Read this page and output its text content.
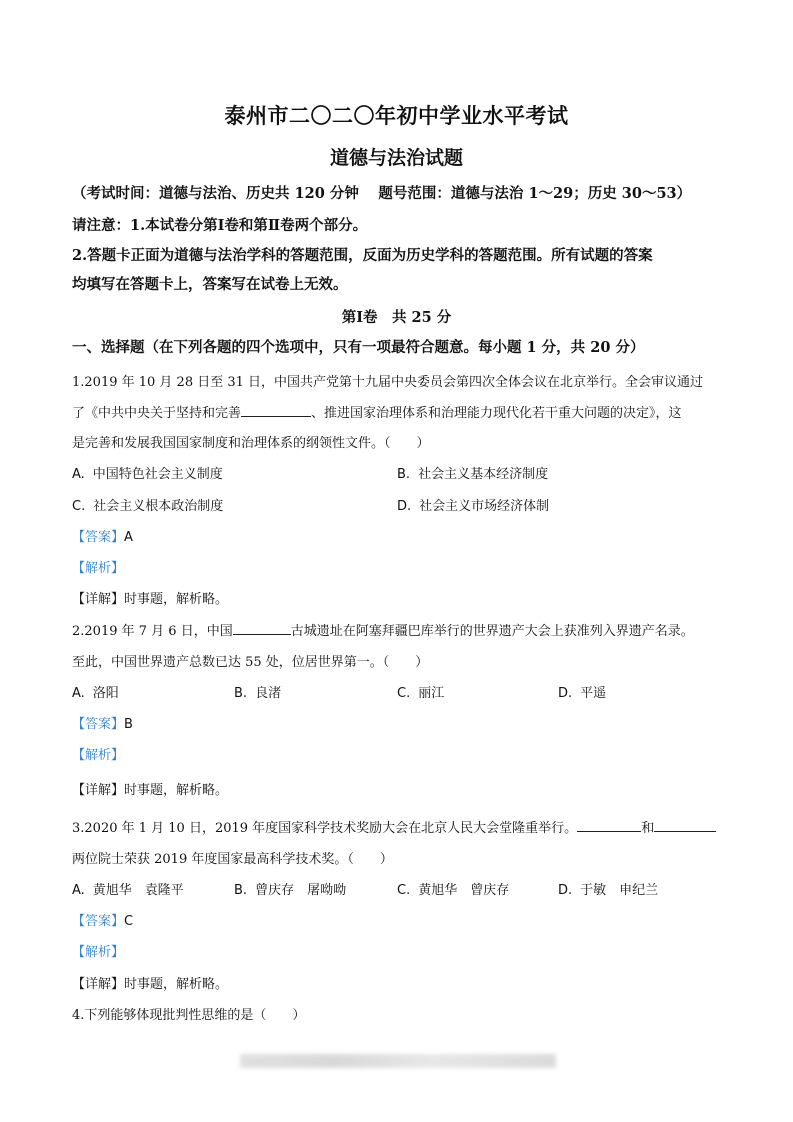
泰州市二〇二〇年初中学业水平考试
道德与法治试题
（考试时间：道德与法治、历史共 120 分钟　 题号范围：道德与法治 1～29；历史 30～53）
请注意：1.本试卷分第Ⅰ卷和第Ⅱ卷两个部分。
2.答题卡正面为道德与法治学科的答题范围，反面为历史学科的答题范围。所有试题的答案
均填写在答题卡上，答案写在试卷上无效。
第Ⅰ卷　共 25 分
一、选择题（在下列各题的四个选项中，只有一项最符合题意。每小题 1 分，共 20 分）
1.2019 年 10 月 28 日至 31 日，中国共产党第十九届中央委员会第四次全体会议在北京举行。全会审议通过
了《中共中央关于坚持和完善	、推进国家治理体系和治理能力现代化若干重大问题的决定》，这
是完善和发展我国国家制度和治理体系的纲领性文件。（　　）
A. 中国特色社会主义制度	B. 社会主义基本经济制度
C. 社会主义根本政治制度	D. 社会主义市场经济体制
【答案】A
【解析】
【详解】时事题，解析略。
2.2019 年 7 月 6 日，中国	古城遗址在阿塞拜疆巴库举行的世界遗产大会上获准列入界遗产名录。
至此，中国世界遗产总数已达 55 处，位居世界第一。（　　）
A. 洛阳	B. 良渚	C. 丽江	D. 平遥
【答案】B
【解析】
【详解】时事题，解析略。
3.2020 年 1 月 10 日，2019 年度国家科学技术奖励大会在北京人民大会堂隆重举行。	和
两位院士荣获 2019 年度国家最高科学技术奖。（　　）
A. 黄旭华　袁隆平	B. 曾庆存　屠呦呦	C. 黄旭华　曾庆存	D. 于敏　申纪兰
【答案】C
【解析】
【详解】时事题，解析略。
4.下列能够体现批判性思维的是（　　）
